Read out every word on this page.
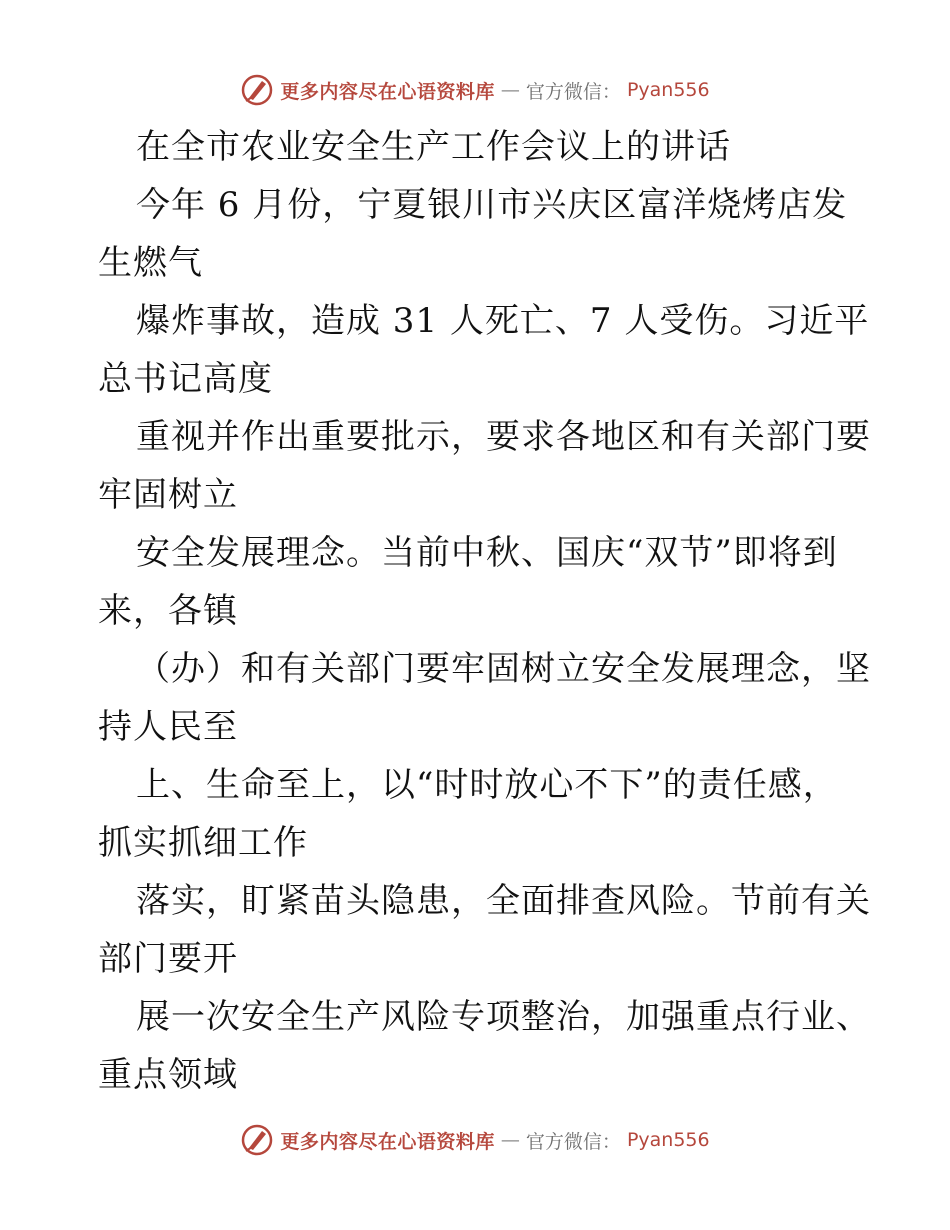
更多内容尽在心语资料库 — 官方微信： Pyan556
在全市农业安全生产工作会议上的讲话
今年 6 月份，宁夏银川市兴庆区富洋烧烤店发
生燃气
爆炸事故，造成 31 人死亡、7 人受伤。习近平
总书记高度
重视并作出重要批示，要求各地区和有关部门要
牢固树立
安全发展理念。当前中秋、国庆“双节”即将到
来，各镇
（办）和有关部门要牢固树立安全发展理念，坚
持人民至
上、生命至上，以“时时放心不下”的责任感，
抓实抓细工作
落实，盯紧苗头隐患，全面排查风险。节前有关
部门要开
展一次安全生产风险专项整治，加强重点行业、
重点领域
更多内容尽在心语资料库 — 官方微信： Pyan556
